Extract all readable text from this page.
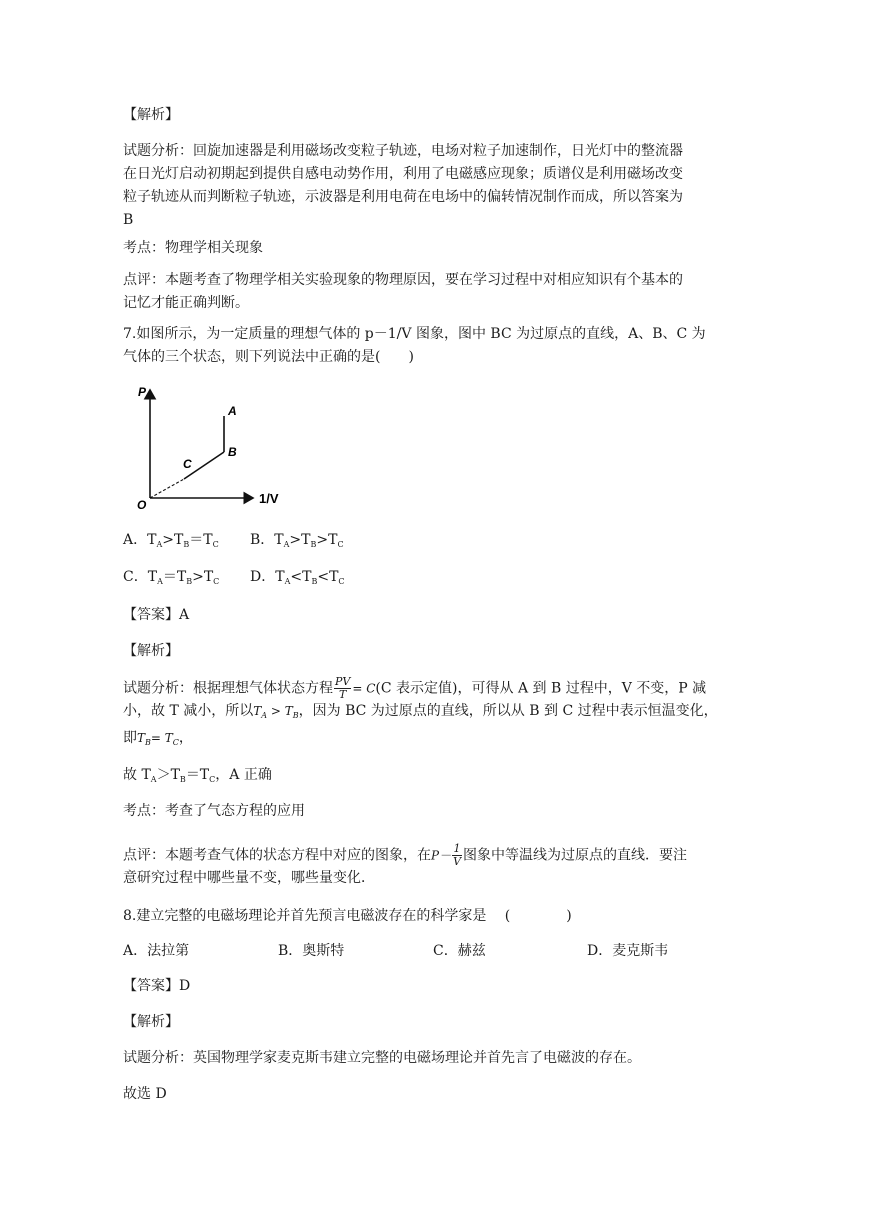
【解析】

试题分析：回旋加速器是利用磁场改变粒子轨迹，电场对粒子加速制作，日光灯中的整流器
在日光灯启动初期起到提供自感电动势作用，利用了电磁感应现象；质谱仪是利用磁场改变
粒子轨迹从而判断粒子轨迹，示波器是利用电荷在电场中的偏转情况制作而成，所以答案为
B

考点：物理学相关现象

点评：本题考查了物理学相关实验现象的物理原因，要在学习过程中对相应知识有个基本的
记忆才能正确判断。
7.如图所示，为一定质量的理想气体的 p－1/V 图象，图中 BC 为过原点的直线，A、B、C 为
气体的三个状态，则下列说法中正确的是(　　)
P
1/V
O
A
B
C
A．$T_A>T_B=T_C$ B．$T_A>T_B>T_C$
C．$T_A=T_B>T_C$ D．$T_A<T_B<T_C$

【答案】A

【解析】

试题分析：根据理想气体状态方程 $\frac{PV}{T} = C(C$ 表示定值)，可得从 A 到 B 过程中，V 不变，P 减
小，故 T 减小，所以$T_A > T_B$，因为 BC 为过原点的直线，所以从 B 到 C 过程中表示恒温变化，
即$T_B= T_C$，

故 $T_A>T_B=T_C$，A 正确

考点：考查了气态方程的应用

点评：本题考查气体的状态方程中对应的图象，在$P- \frac{1}{V}$ 图象中等温线为过原点的直线．要注
意研究过程中哪些量不变，哪些量变化．

8.建立完整的电磁场理论并首先预言电磁波存在的科学家是　 (　　　　)

A．法拉第	B．奥斯特	C．赫兹	D．麦克斯韦

【答案】D

【解析】

试题分析：英国物理学家麦克斯韦建立完整的电磁场理论并首先言了电磁波的存在。

故选 D
